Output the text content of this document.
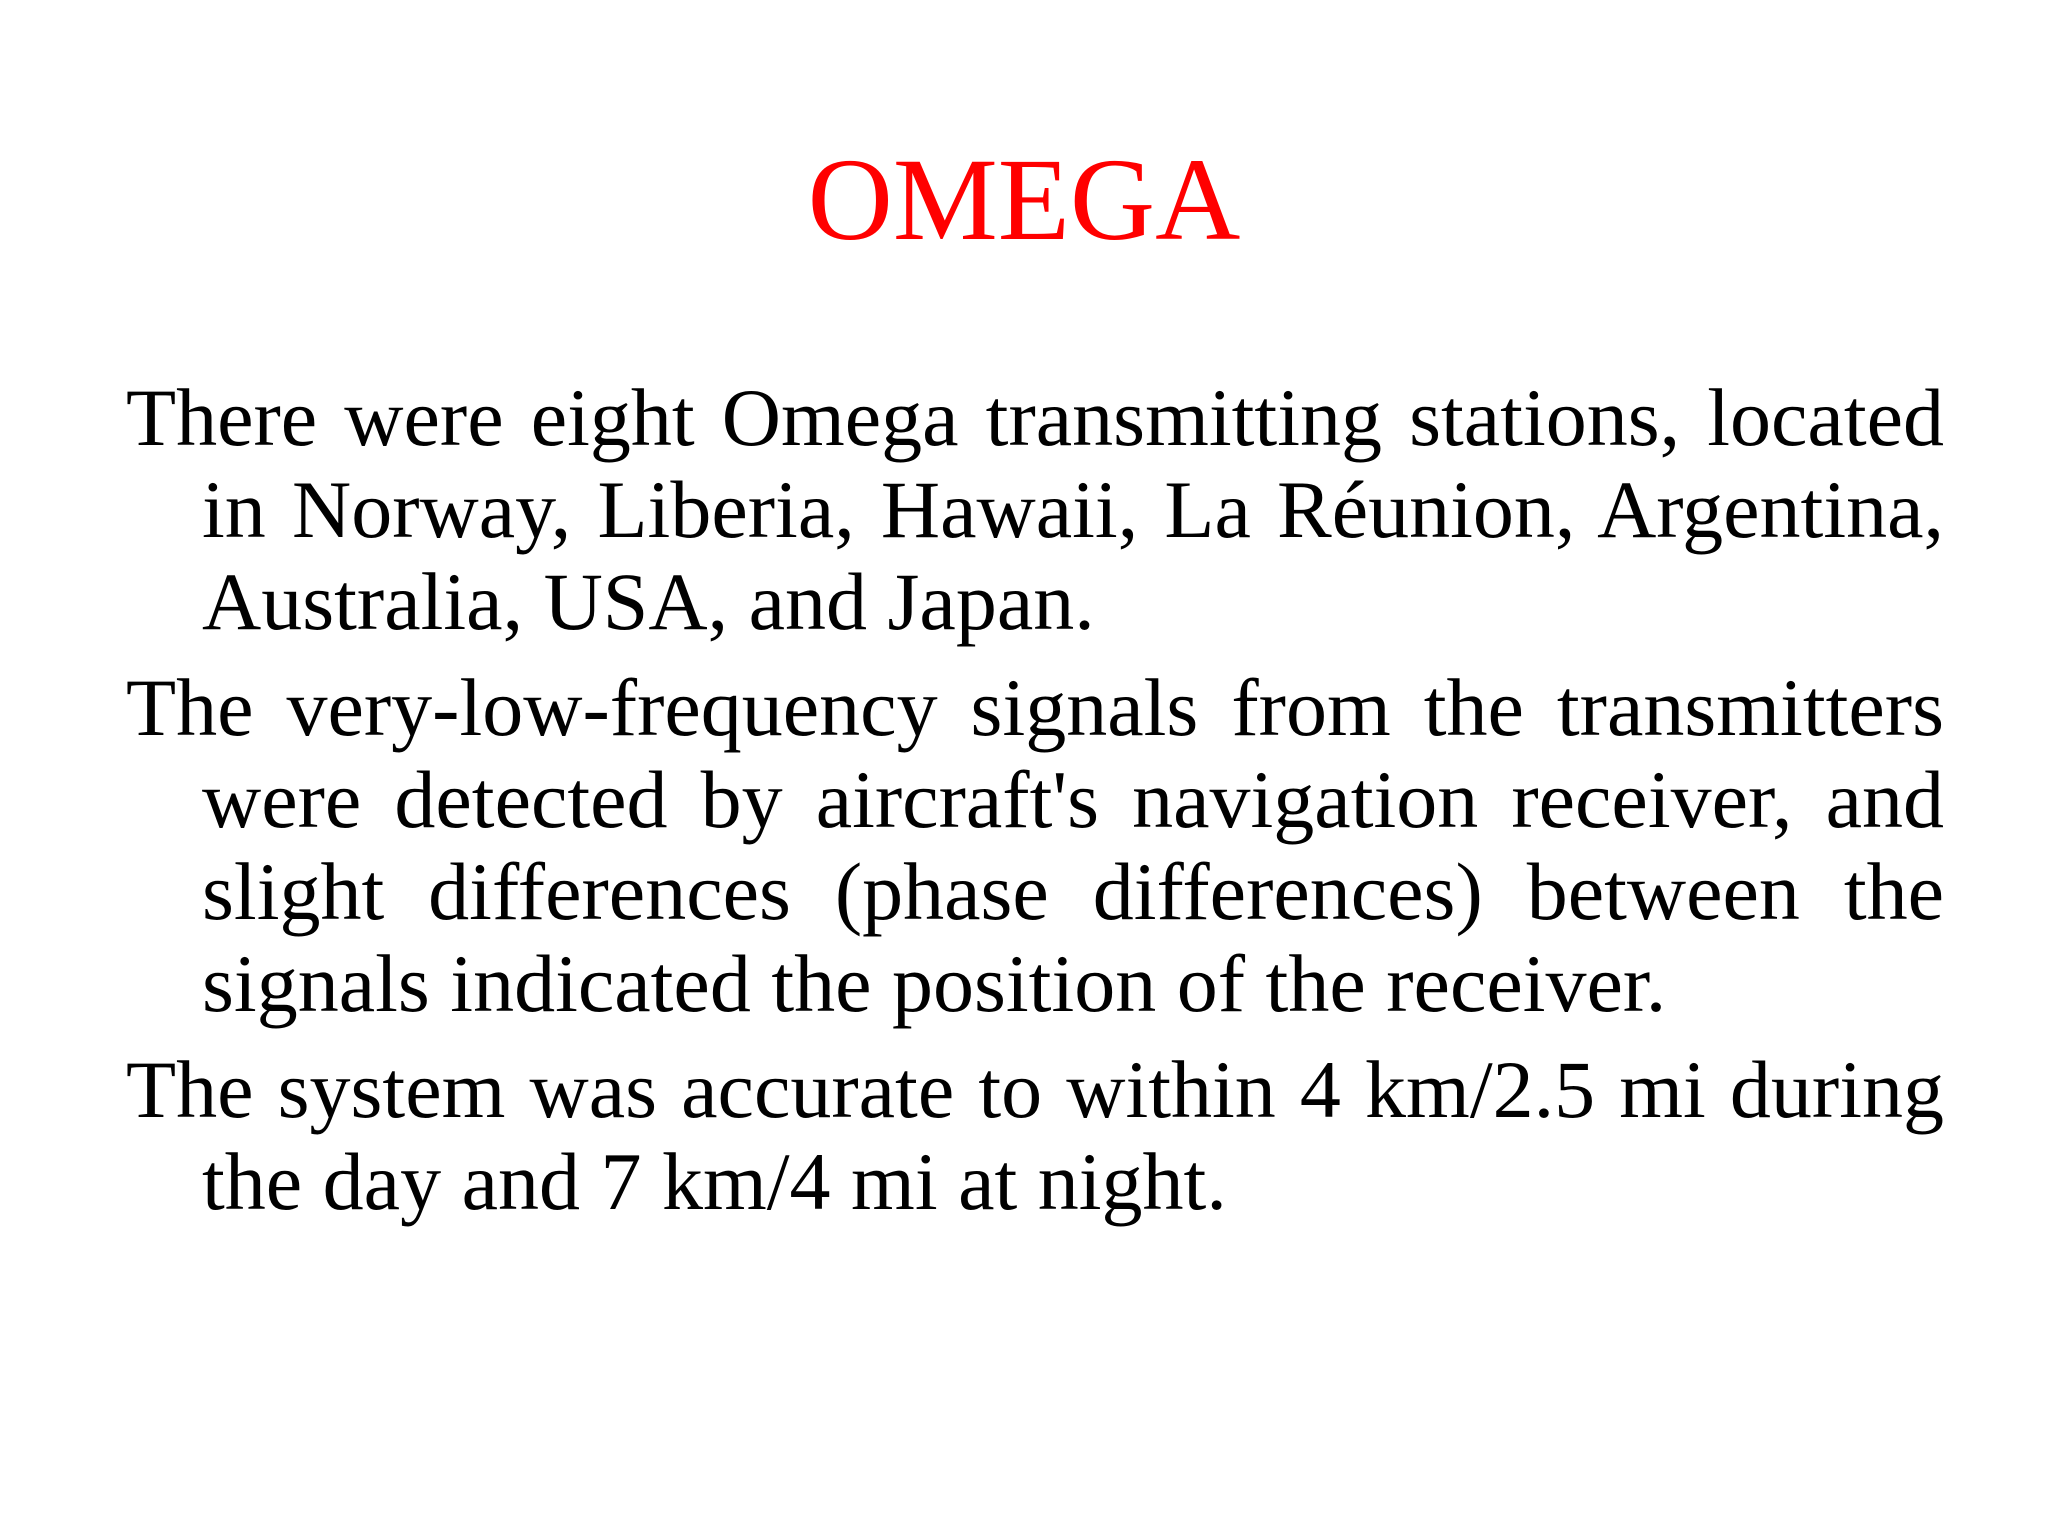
OMEGA

There were eight Omega transmitting stations, located in Norway, Liberia, Hawaii, La Réunion, Argentina, Australia, USA, and Japan.

The very-low-frequency signals from the transmitters were detected by aircraft's navigation receiver, and slight differences (phase differences) between the signals indicated the position of the receiver.

The system was accurate to within 4 km/2.5 mi during the day and 7 km/4 mi at night.
